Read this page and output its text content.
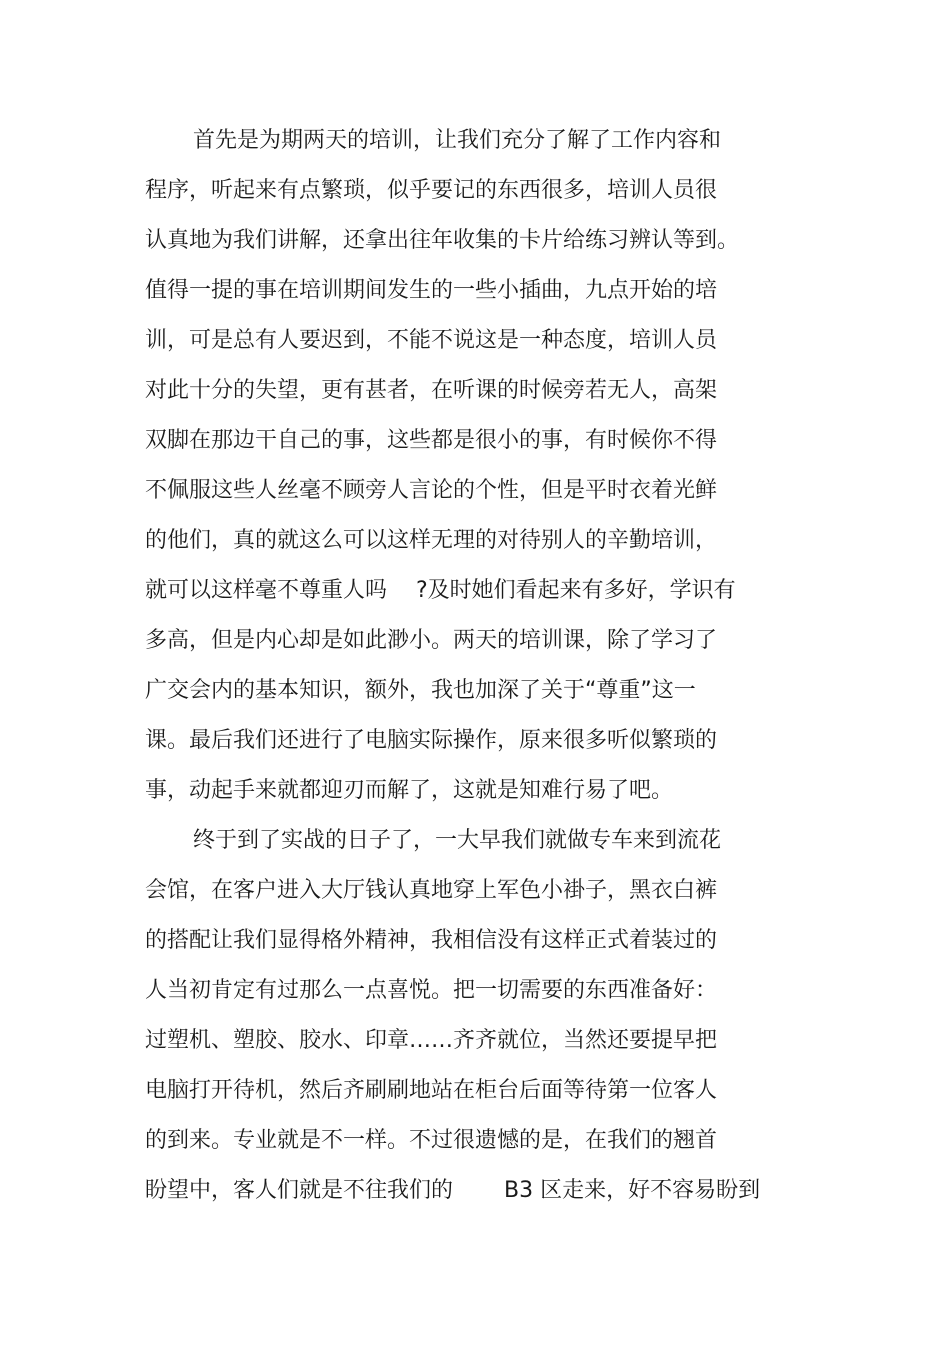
首先是为期两天的培训，让我们充分了解了工作内容和
程序，听起来有点繁琐，似乎要记的东西很多，培训人员很
认真地为我们讲解，还拿出往年收集的卡片给练习辨认等到。
值得一提的事在培训期间发生的一些小插曲，九点开始的培
训，可是总有人要迟到，不能不说这是一种态度，培训人员
对此十分的失望，更有甚者，在听课的时候旁若无人，高架
双脚在那边干自己的事，这些都是很小的事，有时候你不得
不佩服这些人丝毫不顾旁人言论的个性，但是平时衣着光鲜
的他们，真的就这么可以这样无理的对待别人的辛勤培训，
就可以这样毫不尊重人吗　 ?及时她们看起来有多好，学识有
多高，但是内心却是如此渺小。两天的培训课，除了学习了
广交会内的基本知识，额外，我也加深了关于“尊重”这一
课。最后我们还进行了电脑实际操作，原来很多听似繁琐的
事，动起手来就都迎刃而解了，这就是知难行易了吧。
终于到了实战的日子了，一大早我们就做专车来到流花
会馆，在客户进入大厅钱认真地穿上军色小褂子，黑衣白裤
的搭配让我们显得格外精神，我相信没有这样正式着装过的
人当初肯定有过那么一点喜悦。把一切需要的东西准备好：
过塑机、塑胶、胶水、印章……齐齐就位，当然还要提早把
电脑打开待机，然后齐刷刷地站在柜台后面等待第一位客人
的到来。专业就是不一样。不过很遗憾的是，在我们的翘首
盼望中，客人们就是不往我们的　　 B3 区走来，好不容易盼到
